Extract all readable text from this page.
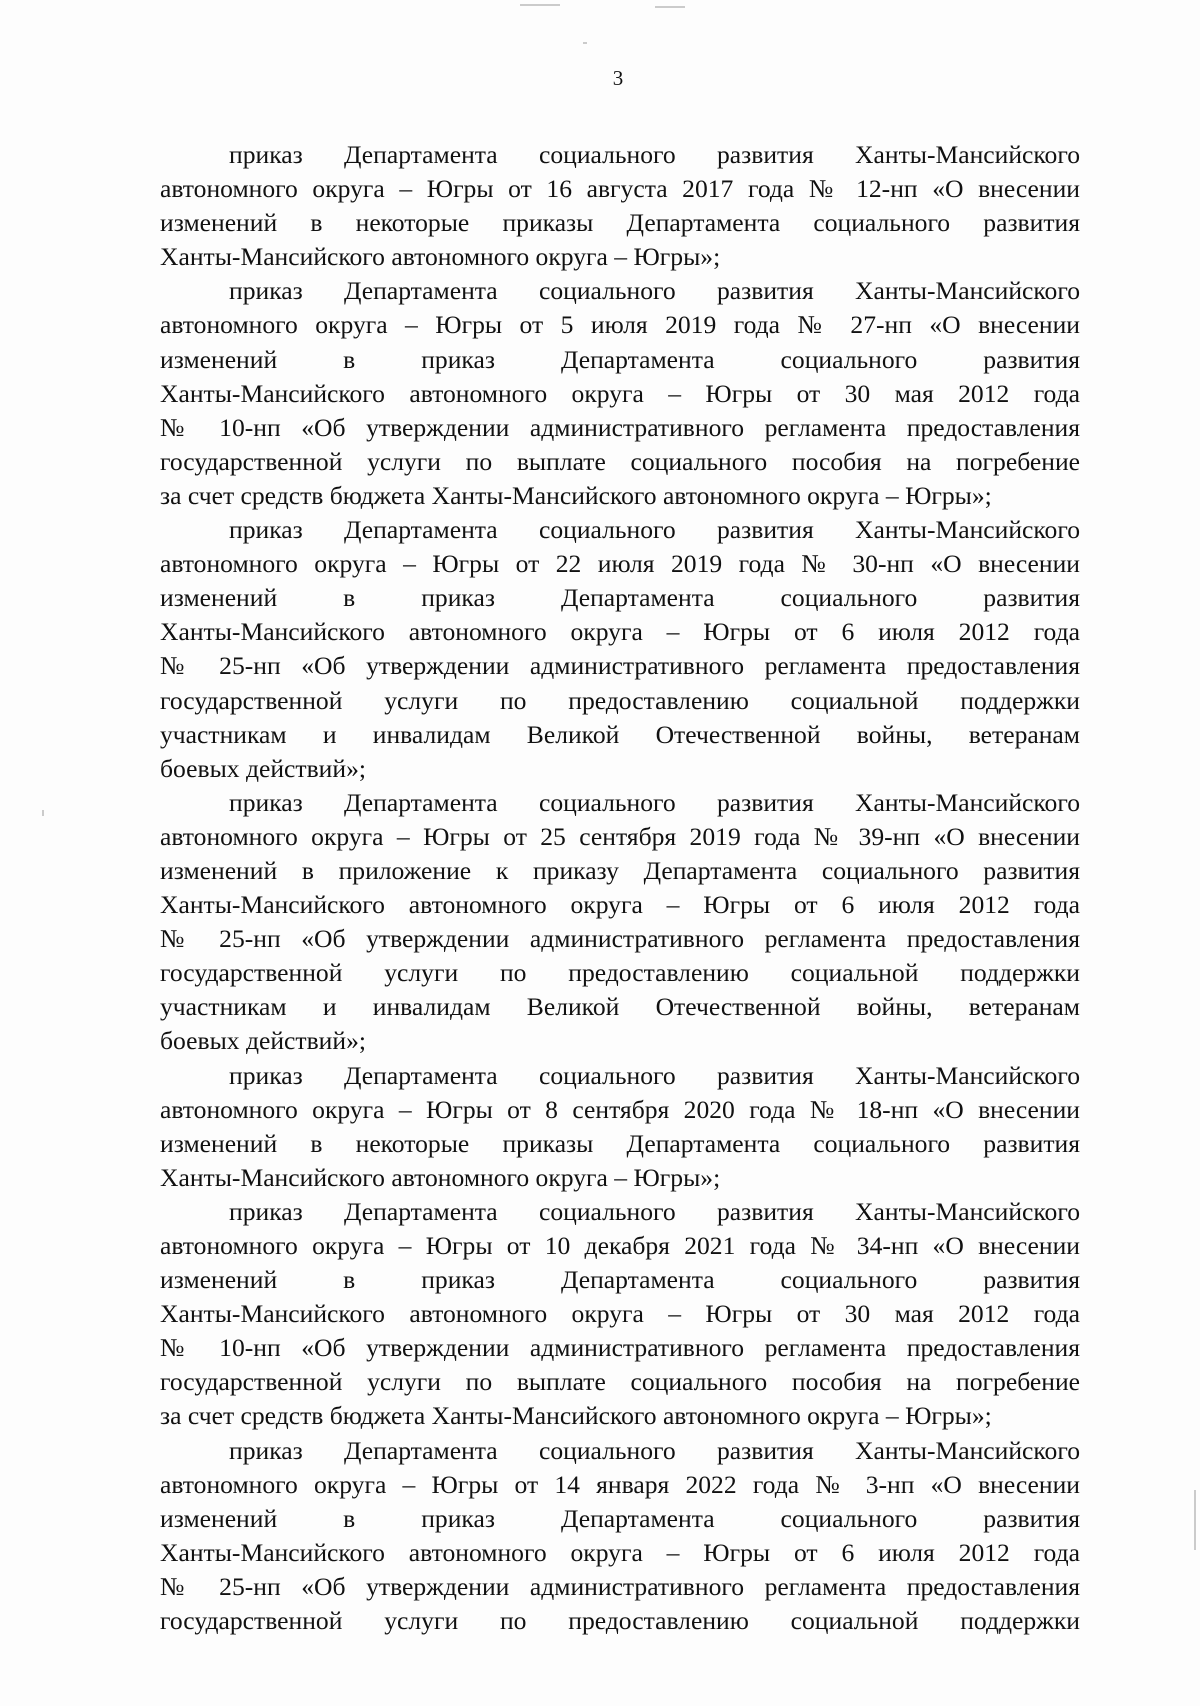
3
приказ Департамента социального развития Ханты-Мансийского
автономного округа – Югры от 16 августа 2017 года № 12-нп «О внесении
изменений в некоторые приказы Департамента социального развития
Ханты-Мансийского автономного округа – Югры»;
приказ Департамента социального развития Ханты-Мансийского
автономного округа – Югры от 5 июля 2019 года № 27-нп «О внесении
изменений в приказ Департамента социального развития
Ханты-Мансийского автономного округа – Югры от 30 мая 2012 года
№ 10-нп «Об утверждении административного регламента предоставления
государственной услуги по выплате социального пособия на погребение
за счет средств бюджета Ханты-Мансийского автономного округа – Югры»;
приказ Департамента социального развития Ханты-Мансийского
автономного округа – Югры от 22 июля 2019 года № 30-нп «О внесении
изменений в приказ Департамента социального развития
Ханты-Мансийского автономного округа – Югры от 6 июля 2012 года
№ 25-нп «Об утверждении административного регламента предоставления
государственной услуги по предоставлению социальной поддержки
участникам и инвалидам Великой Отечественной войны, ветеранам
боевых действий»;
приказ Департамента социального развития Ханты-Мансийского
автономного округа – Югры от 25 сентября 2019 года № 39-нп «О внесении
изменений в приложение к приказу Департамента социального развития
Ханты-Мансийского автономного округа – Югры от 6 июля 2012 года
№ 25-нп «Об утверждении административного регламента предоставления
государственной услуги по предоставлению социальной поддержки
участникам и инвалидам Великой Отечественной войны, ветеранам
боевых действий»;
приказ Департамента социального развития Ханты-Мансийского
автономного округа – Югры от 8 сентября 2020 года № 18-нп «О внесении
изменений в некоторые приказы Департамента социального развития
Ханты-Мансийского автономного округа – Югры»;
приказ Департамента социального развития Ханты-Мансийского
автономного округа – Югры от 10 декабря 2021 года № 34-нп «О внесении
изменений в приказ Департамента социального развития
Ханты-Мансийского автономного округа – Югры от 30 мая 2012 года
№ 10-нп «Об утверждении административного регламента предоставления
государственной услуги по выплате социального пособия на погребение
за счет средств бюджета Ханты-Мансийского автономного округа – Югры»;
приказ Департамента социального развития Ханты-Мансийского
автономного округа – Югры от 14 января 2022 года № 3-нп «О внесении
изменений в приказ Департамента социального развития
Ханты-Мансийского автономного округа – Югры от 6 июля 2012 года
№ 25-нп «Об утверждении административного регламента предоставления
государственной услуги по предоставлению социальной поддержки
